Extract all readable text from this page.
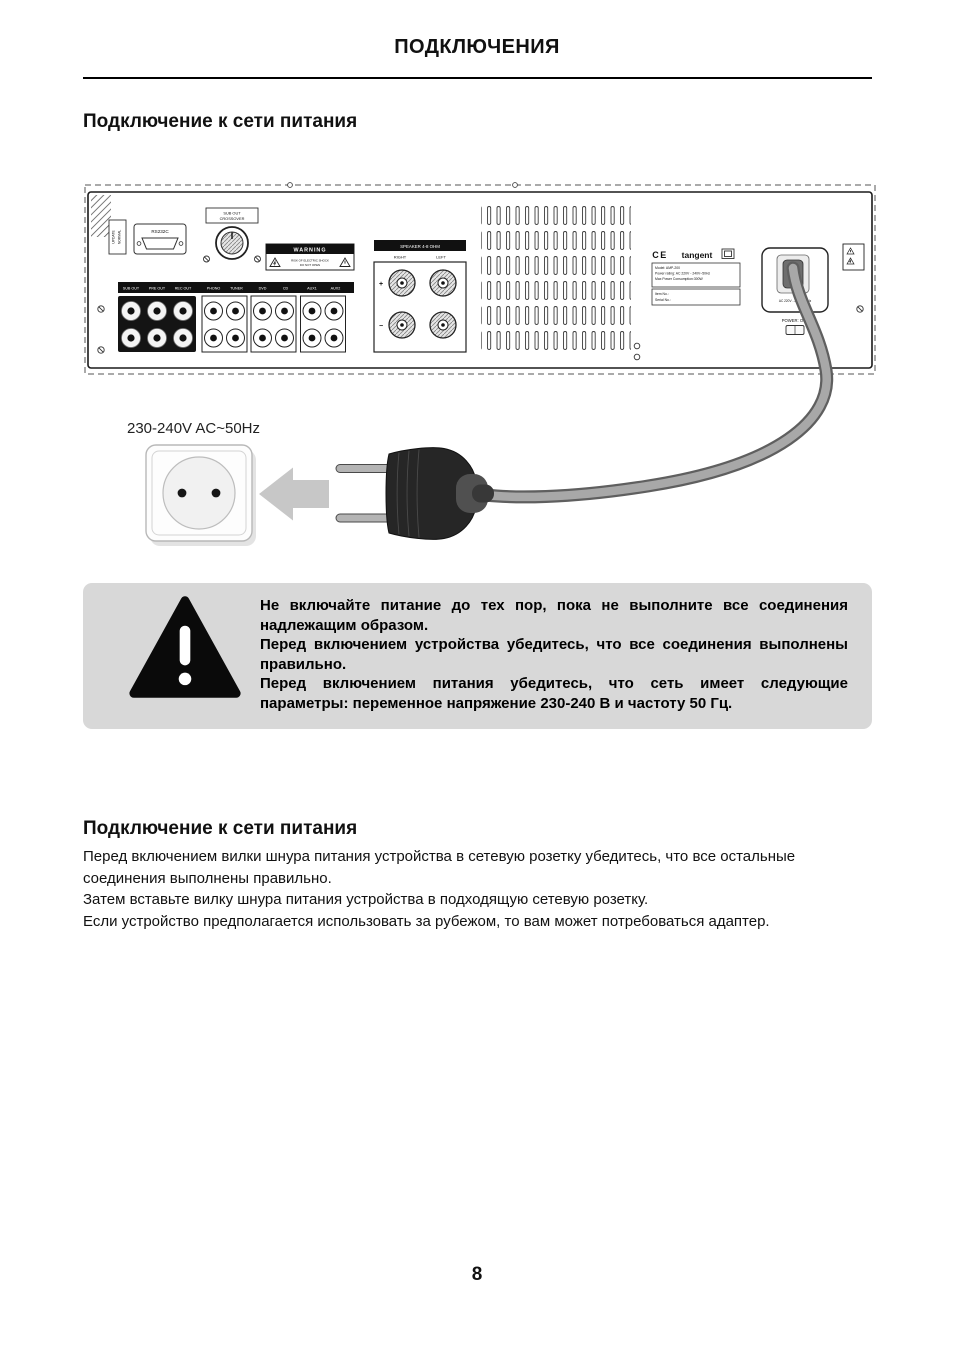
ПОДКЛЮЧЕНИЯ
Подключение к сети питания
UPDATE NORMAL	RS232C
SUB OUT
CROSSOVER
WARNING
RISK OF ELECTRIC SHOCK
DO NOT OPEN
SUB OUT	PRE OUT	REC OUT	PHONO	TUNER	DVD	CD	AUX1	AUX2
SPEAKER 4-8 OHM
RIGHT	LEFT
+
−
CE tangent
Model: AMP-200
Power rating: AC 220V - 240V~50Hz
Max Power Consumption:300W
Item No.:
Serial No.:	AC 220V - 240V~50Hz
POWER: OFF
230-240V AC~50Hz

Не включайте питание до тех пор, пока не выполните все соединения надлежащим образом.

Перед включением устройства убедитесь, что все соединения выполнены правильно.

Перед включением питания убедитесь, что сеть имеет следующие параметры: переменное напряжение 230-240 В и частоту 50 Гц.

Подключение к сети питания

Перед включением вилки шнура питания устройства в сетевую розетку убедитесь, что все остальные соединения выполнены правильно.

Затем вставьте вилку шнура питания устройства в подходящую сетевую розетку.

Если устройство предполагается использовать за рубежом, то вам может потребоваться адаптер.

8
